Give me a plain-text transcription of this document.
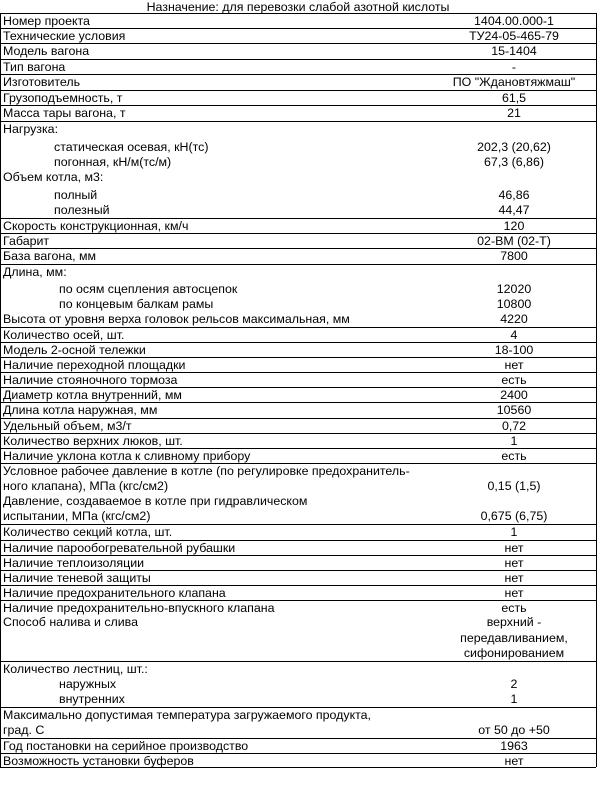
Назначение: для перевозки слабой азотной кислоты
Номер проекта	1404.00.000-1
Технические условия	ТУ24-05-465-79
Модель вагона	15-1404
Тип вагона	-
Изготовитель	ПО "Ждановтяжмаш"
Грузоподъемность, т	61,5
Масса тары вагона, т	21
Нагрузка:
статическая осевая, кН(тс)	202,3 (20,62)
погонная, кН/м(тс/м)	67,3 (6,86)
Объем котла, м3:
полный	46,86
полезный	44,47
Скорость конструкционная, км/ч	120
Габарит	02-ВМ (02-Т)
База вагона, мм	7800
Длина, мм:
по осям сцепления автосцепок	12020
по концевым балкам рамы	10800
Высота от уровня верха головок рельсов максимальная, мм	4220
Количество осей, шт.	4
Модель 2-осной тележки	18-100
Наличие переходной площадки	нет
Наличие стояночного тормоза	есть
Диаметр котла внутренний, мм	2400
Длина котла наружная, мм	10560
Удельный объем, м3/т	0,72
Количество верхних люков, шт.	1
Наличие уклона котла к сливному прибору	есть
Условное рабочее давление в котле (по регулировке предохранитель-
ного клапана), МПа (кгс/см2)	0,15 (1,5)
Давление, создаваемое в котле при гидравлическом
испытании, МПа (кгс/см2)	0,675 (6,75)
Количество секций котла, шт.	1
Наличие парообогревательной рубашки	нет
Наличие теплоизоляции	нет
Наличие теневой защиты	нет
Наличие предохранительного клапана	нет
Наличие предохранительно-впускного клапана	есть
Способ налива и слива	верхний -
передавливанием,
сифонированием
Количество лестниц, шт.:
наружных	2
внутренних	1
Максимально допустимая температура загружаемого продукта,
град. С	от 50 до +50
Год постановки на серийное производство	1963
Возможность установки буферов	нет
